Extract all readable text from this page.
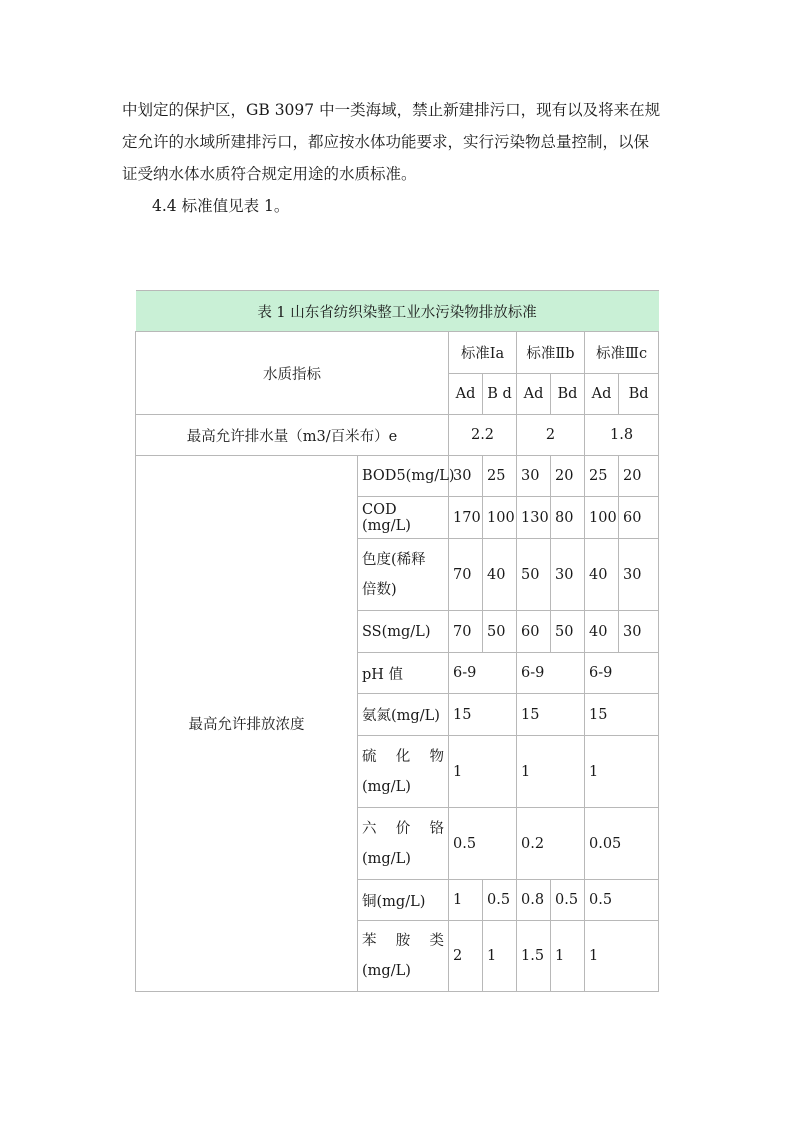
中划定的保护区，GB 3097 中一类海域，禁止新建排污口，现有以及将来在规
定允许的水域所建排污口，都应按水体功能要求，实行污染物总量控制，以保
证受纳水体水质符合规定用途的水质标准。
4.4 标准值见表 1。
表 1 山东省纺织染整工业水污染物排放标准							
水质指标		标准Ⅰa		标准Ⅱb		标准Ⅲc	
		Ad	B d	Ad	Bd	Ad	Bd
最高允许排水量（m3/百米布）e		2.2		2		1.8	
最高允许排放浓度	BOD5(mg/L)	30	25	30	20	25	20
	COD (mg/L)	170	100	130	80	100	60

	色度(稀释
倍数)	70	40	50	30	40	30
	SS(mg/L)	70	50	60	50	40	30
	pH 值	6-9		6-9		6-9	
	氨氮(mg/L)	15		15		15	

	硫 化 物
(mg/L)	1		1		1	

	六 价 铬
(mg/L)	0.5		0.2		0.05	
	铜(mg/L)	1	0.5	0.8	0.5	0.5	

	苯 胺 类
(mg/L)	2	1	1.5	1	1	
